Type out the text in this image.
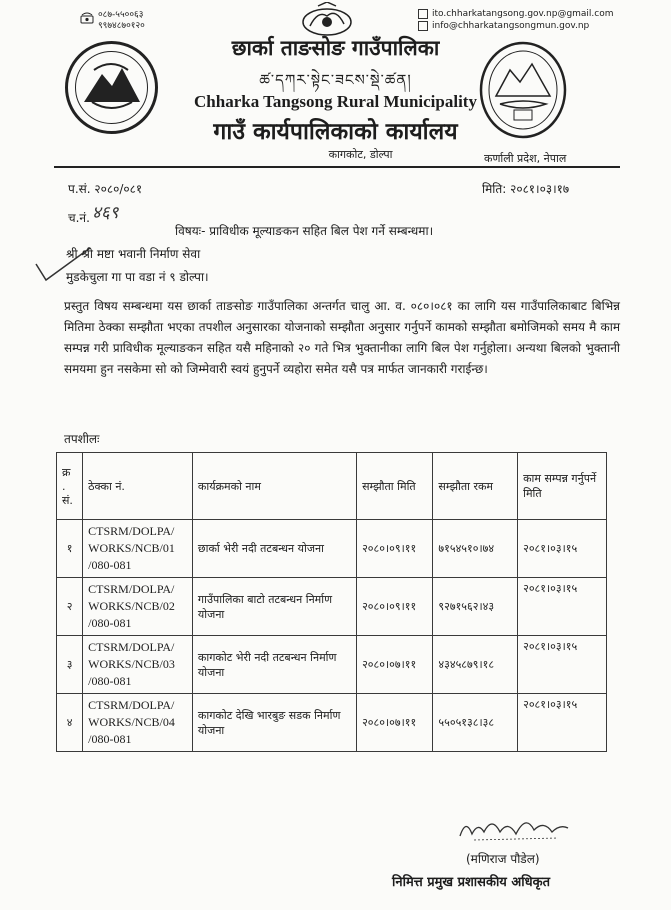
०८७-५५००६३
९९७४८७०१२०
ito.chharkatangsong.gov.np@gmail.com
info@chharkatangsongmun.gov.np
छार्का ताङसोङ गाउँपालिका
ཚ་དཀར་སྟེང་ཟངས་སྡེ་ཚན།
Chharka Tangsong Rural Municipality
गाउँ कार्यपालिकाको कार्यालय
कागकोट, डोल्पा	कर्णाली प्रदेश, नेपाल
प.सं. २०८०/०८१	मिति: २०८१।०३।१७
च.नं. ४६९
विषयः- प्राविधीक मूल्याङकन सहित बिल पेश गर्ने सम्बन्धमा।
श्री श्री मष्टा भवानी निर्माण सेवा
मुडकेचुला गा पा वडा नं ९ डोल्पा।
प्रस्तुत विषय सम्बन्धमा यस छार्का ताङसोङ गाउँपालिका अन्तर्गत चालु आ. व. ०८०।०८१ का लागि यस गाउँपालिकाबाट बिभिन्न मितिमा ठेक्का सम्झौता भएका तपशील अनुसारका योजनाको सम्झौता अनुसार गर्नुपर्ने कामको सम्झौता बमोजिमको समय मै काम सम्पन्न गरी प्राविधीक मूल्याङकन सहित यसै महिनाको २० गते भित्र भुक्तानीका लागि बिल पेश गर्नुहोला। अन्यथा बिलको भुक्तानी समयमा हुन नसकेमा सो को जिम्मेवारी स्वयं हुनुपर्ने व्यहोरा समेत यसै पत्र मार्फत जानकारी गराईन्छ।
तपशीलः
क्र . सं.	ठेक्का नं.	कार्यक्रमको नाम	सम्झौता मिति	सम्झौता रकम	काम सम्पन्न गर्नुपर्ने मिति
१	CTSRM/DOLPA/ WORKS/NCB/01 /080-081	छार्का भेरी नदी तटबन्धन योजना	२०८०।०९।११	७१५४५१०।७४	२०८१।०३।१५
२	CTSRM/DOLPA/ WORKS/NCB/02 /080-081	गाउँपालिका बाटो तटबन्धन निर्माण योजना	२०८०।०९।११	९२७१५६२।४३	२०८१।०३।१५
३	CTSRM/DOLPA/ WORKS/NCB/03 /080-081	कागकोट भेरी नदी तटबन्धन निर्माण योजना	२०८०।०७।११	४३४५८७९।१८	२०८१।०३।१५
४	CTSRM/DOLPA/ WORKS/NCB/04 /080-081	कागकोट देखि भारबुङ सडक निर्माण योजना	२०८०।०७।११	५५०५१३८।३८	२०८१।०३।१५
(मणिराज पौडेल)
निमित्त प्रमुख प्रशासकीय अधिकृत
